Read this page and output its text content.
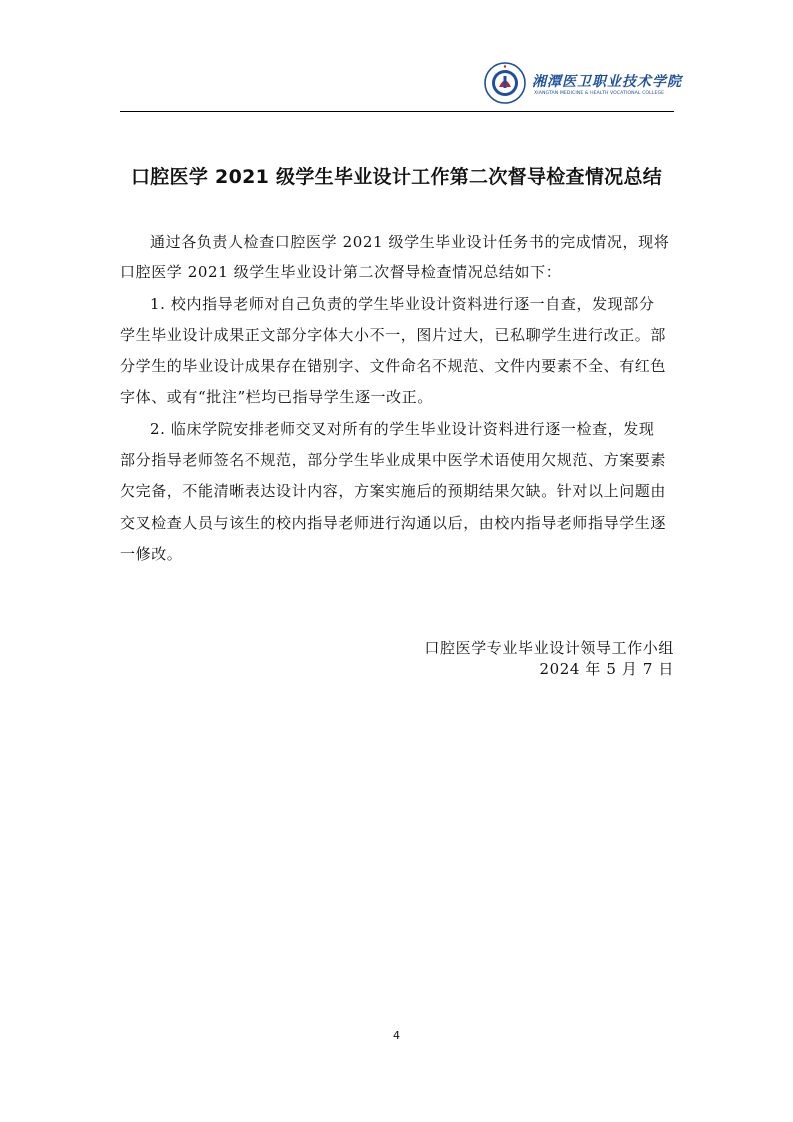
湘潭医卫职业技术学院
XIANGTAN MEDICINE & HEALTH VOCATIONAL COLLEGE
口腔医学 2021 级学生毕业设计工作第二次督导检查情况总结
通过各负责人检查口腔医学 2021 级学生毕业设计任务书的完成情况，现将
口腔医学 2021 级学生毕业设计第二次督导检查情况总结如下：
1. 校内指导老师对自己负责的学生毕业设计资料进行逐一自查，发现部分
学生毕业设计成果正文部分字体大小不一，图片过大，已私聊学生进行改正。部
分学生的毕业设计成果存在错别字、文件命名不规范、文件内要素不全、有红色
字体、或有“批注”栏均已指导学生逐一改正。
2. 临床学院安排老师交叉对所有的学生毕业设计资料进行逐一检查，发现
部分指导老师签名不规范，部分学生毕业成果中医学术语使用欠规范、方案要素
欠完备，不能清晰表达设计内容，方案实施后的预期结果欠缺。针对以上问题由
交叉检查人员与该生的校内指导老师进行沟通以后，由校内指导老师指导学生逐
一修改。
口腔医学专业毕业设计领导工作小组
2024 年 5 月 7 日
4
